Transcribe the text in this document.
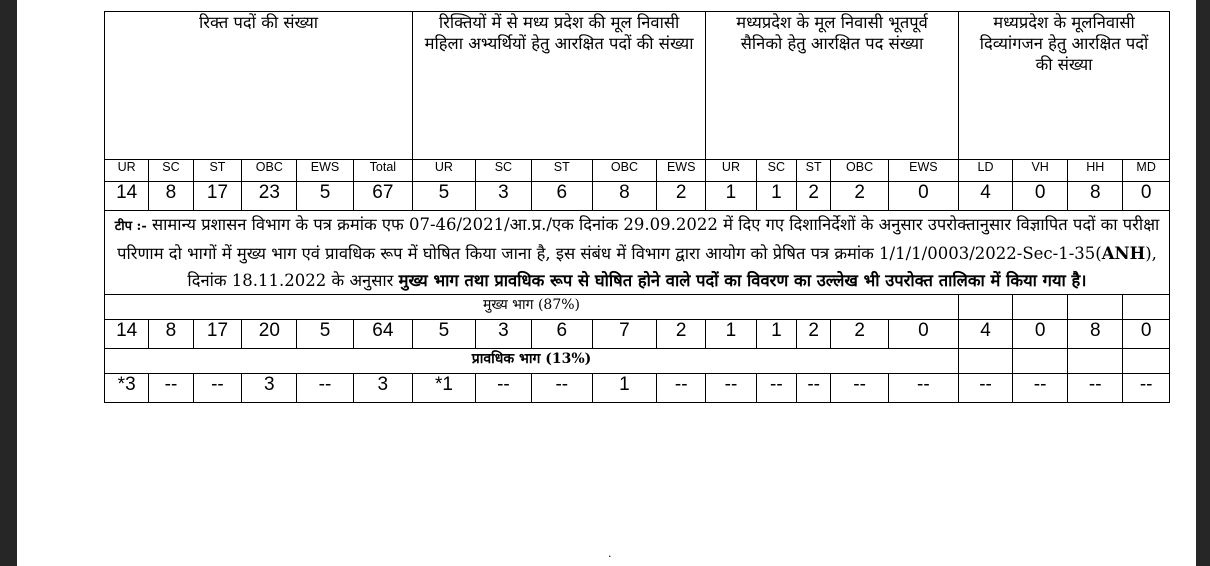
रिक्त पदों की संख्या						रिक्तियों में से मध्य प्रदेश की मूल निवासी महिला अभ्यर्थियों हेतु आरक्षित पदों की संख्या					मध्यप्रदेश के मूल निवासी भूतपूर्व सैनिको हेतु आरक्षित पद संख्या					मध्यप्रदेश के मूलनिवासी दिव्यांगजन हेतु आरक्षित पदों की संख्या			

UR	SC	ST	OBC	EWS	Total	UR	SC	ST	OBC	EWS	UR	SC	ST	OBC	EWS	LD	VH	HH	MD
14	8	17	23	5	67	5	3	6	8	2	1	1	2	2	0	4	0	8	0
टीप :- सामान्य प्रशासन विभाग के पत्र क्रमांक एफ 07-46/2021/आ.प्र./एक दिनांक 29.09.2022 में दिए गए दिशानिर्देशों के अनुसार उपरोक्तानुसार विज्ञापित पदों का परीक्षा परिणाम दो भागों में मुख्य भाग एवं प्रावधिक रूप में घोषित किया जाना है, इस संबंध में विभाग द्वारा आयोग को प्रेषित पत्र क्रमांक 1/1/1/0003/2022-Sec-1-35(ANH), दिनांक 18.11.2022 के अनुसार मुख्य भाग तथा प्रावधिक रूप से घोषित होने वाले पदों का विवरण का उल्लेख भी उपरोक्त तालिका में किया गया है।																			
मुख्य भाग (87%)																			
14	8	17	20	5	64	5	3	6	7	2	1	1	2	2	0	4	0	8	0
प्रावधिक भाग (13%)																			
*3	--	--	3	--	3	*1	--	--	1	--	--	--	--	--	--	--	--	--	--
·
